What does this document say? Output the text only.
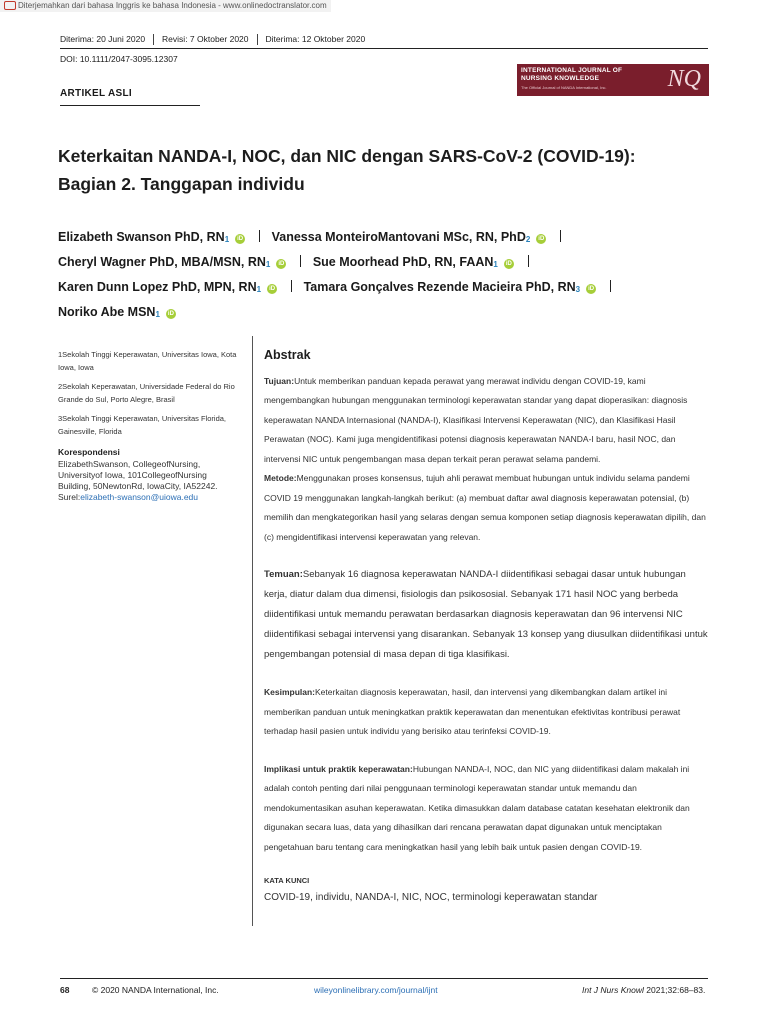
Diterjemahkan dari bahasa Inggris ke bahasa Indonesia - www.onlinedoctranslator.com
Diterima: 20 Juni 2020 Revisi: 7 Oktober 2020 Diterima: 12 Oktober 2020
DOI: 10.1111/2047-3095.12307
INTERNATIONAL JOURNAL OF
NURSING KNOWLEDGE
The Official Journal of NANDA International, Inc.	NQ
ARTIKEL ASLI
Keterkaitan NANDA-I, NOC, dan NIC dengan SARS-CoV-2 (COVID-19):
Bagian 2. Tanggapan individu
Elizabeth Swanson PhD, RN1 iD Vanessa MonteiroMantovani MSc, RN, PhD2 iD
Cheryl Wagner PhD, MBA/MSN, RN1 iD Sue Moorhead PhD, RN, FAAN1 iD
Karen Dunn Lopez PhD, MPN, RN1 iD Tamara Gonçalves Rezende Macieira PhD, RN3 iD
Noriko Abe MSN1 iD

1Sekolah Tinggi Keperawatan, Universitas Iowa, Kota Iowa, Iowa

2Sekolah Keperawatan, Universidade Federal do Rio Grande do Sul, Porto Alegre, Brasil

3Sekolah Tinggi Keperawatan, Universitas Florida, Gainesville, Florida

Korespondensi
ElizabethSwanson, CollegeofNursing,
Universityof Iowa, 101CollegeofNursing
Building, 50NewtonRd, IowaCity, IA52242.
Surel:elizabeth-swanson@uiowa.edu
Abstrak

Tujuan:Untuk memberikan panduan kepada perawat yang merawat individu dengan COVID-19, kami mengembangkan hubungan menggunakan terminologi keperawatan standar yang dapat dioperasikan: diagnosis keperawatan NANDA Internasional (NANDA-I), Klasifikasi Intervensi Keperawatan (NIC), dan Klasifikasi Hasil Perawatan (NOC). Kami juga mengidentifikasi potensi diagnosis keperawatan NANDA-I baru, hasil NOC, dan intervensi NIC untuk pengembangan masa depan terkait peran perawat selama pandemi.

Metode:Menggunakan proses konsensus, tujuh ahli perawat membuat hubungan untuk individu selama pandemi COVID 19 menggunakan langkah-langkah berikut: (a) membuat daftar awal diagnosis keperawatan potensial, (b) memilih dan mengkategorikan hasil yang selaras dengan semua komponen setiap diagnosis keperawatan dipilih, dan (c) mengidentifikasi intervensi keperawatan yang relevan.

Temuan:Sebanyak 16 diagnosa keperawatan NANDA-I diidentifikasi sebagai dasar untuk hubungan kerja, diatur dalam dua dimensi, fisiologis dan psikososial. Sebanyak 171 hasil NOC yang berbeda diidentifikasi untuk memandu perawatan berdasarkan diagnosis keperawatan dan 96 intervensi NIC diidentifikasi sebagai intervensi yang disarankan. Sebanyak 13 konsep yang diusulkan diidentifikasi untuk pengembangan potensial di masa depan di tiga klasifikasi.

Kesimpulan:Keterkaitan diagnosis keperawatan, hasil, dan intervensi yang dikembangkan dalam artikel ini memberikan panduan untuk meningkatkan praktik keperawatan dan menentukan efektivitas kontribusi perawat terhadap hasil pasien untuk individu yang berisiko atau terinfeksi COVID-19.

Implikasi untuk praktik keperawatan:Hubungan NANDA-I, NOC, dan NIC yang diidentifikasi dalam makalah ini adalah contoh penting dari nilai penggunaan terminologi keperawatan standar untuk memandu dan mendokumentasikan asuhan keperawatan. Ketika dimasukkan dalam database catatan kesehatan elektronik dan digunakan secara luas, data yang dihasilkan dari rencana perawatan dapat digunakan untuk menciptakan pengetahuan baru tentang cara meningkatkan hasil yang lebih baik untuk pasien dengan COVID-19.

KATA KUNCI
COVID-19, individu, NANDA-I, NIC, NOC, terminologi keperawatan standar
68	© 2020 NANDA International, Inc.	wileyonlinelibrary.com/journal/ijnt	Int J Nurs Knowl 2021;32:68–83.
